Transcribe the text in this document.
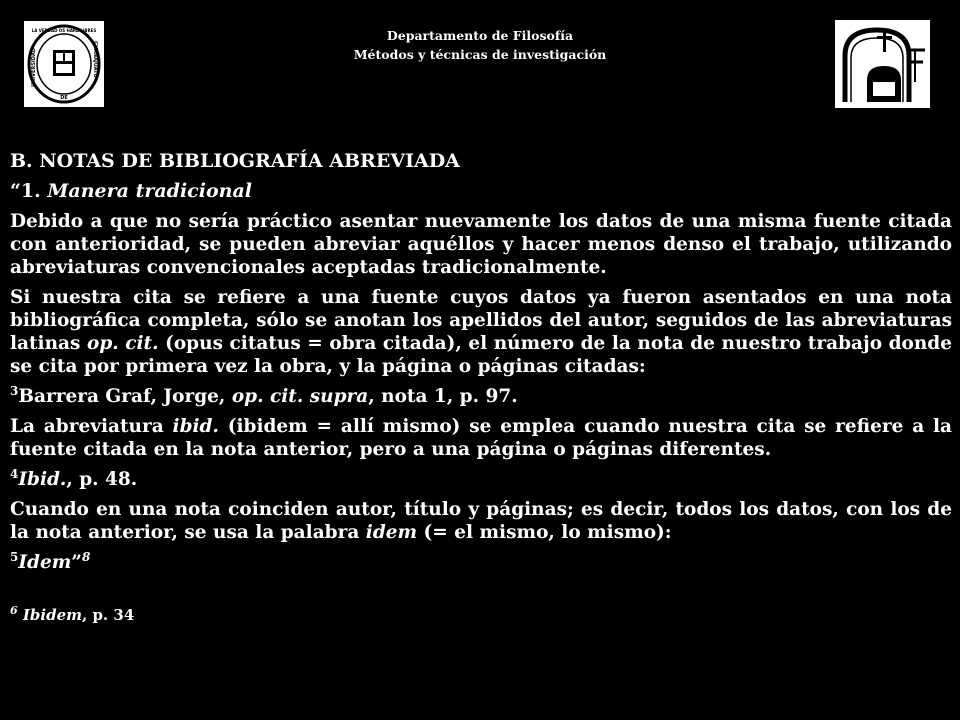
LA VERDAD OS HARÁ LIBRES
UNIVERSIDAD
DE
GUANAJUATO
Departamento de Filosofía
Métodos y técnicas de investigación

B. NOTAS DE BIBLIOGRAFÍA ABREVIADA

“1. Manera tradicional

Debido a que no sería práctico asentar nuevamente los datos de una misma fuente citada con anterioridad, se pueden abreviar aquéllos y hacer menos denso el trabajo, utilizando abreviaturas convencionales aceptadas tradicionalmente.

Si nuestra cita se refiere a una fuente cuyos datos ya fueron asentados en una nota bibliográfica completa, sólo se anotan los apellidos del autor, seguidos de las abreviaturas latinas op. cit. (opus citatus = obra citada), el número de la nota de nuestro trabajo donde se cita por primera vez la obra, y la página o páginas citadas:

$^3$Barrera Graf, Jorge, op. cit. supra, nota 1, p. 97.

La abreviatura ibid. (ibidem = allí mismo) se emplea cuando nuestra cita se refiere a la fuente citada en la nota anterior, pero a una página o páginas diferentes.

$^4$Ibid., p. 48.

Cuando en una nota coinciden autor, título y páginas; es decir, todos los datos, con los de la nota anterior, se usa la palabra idem (= el mismo, lo mismo):

$^5$Idem”$^8$

$^6$ Ibidem, p. 34
